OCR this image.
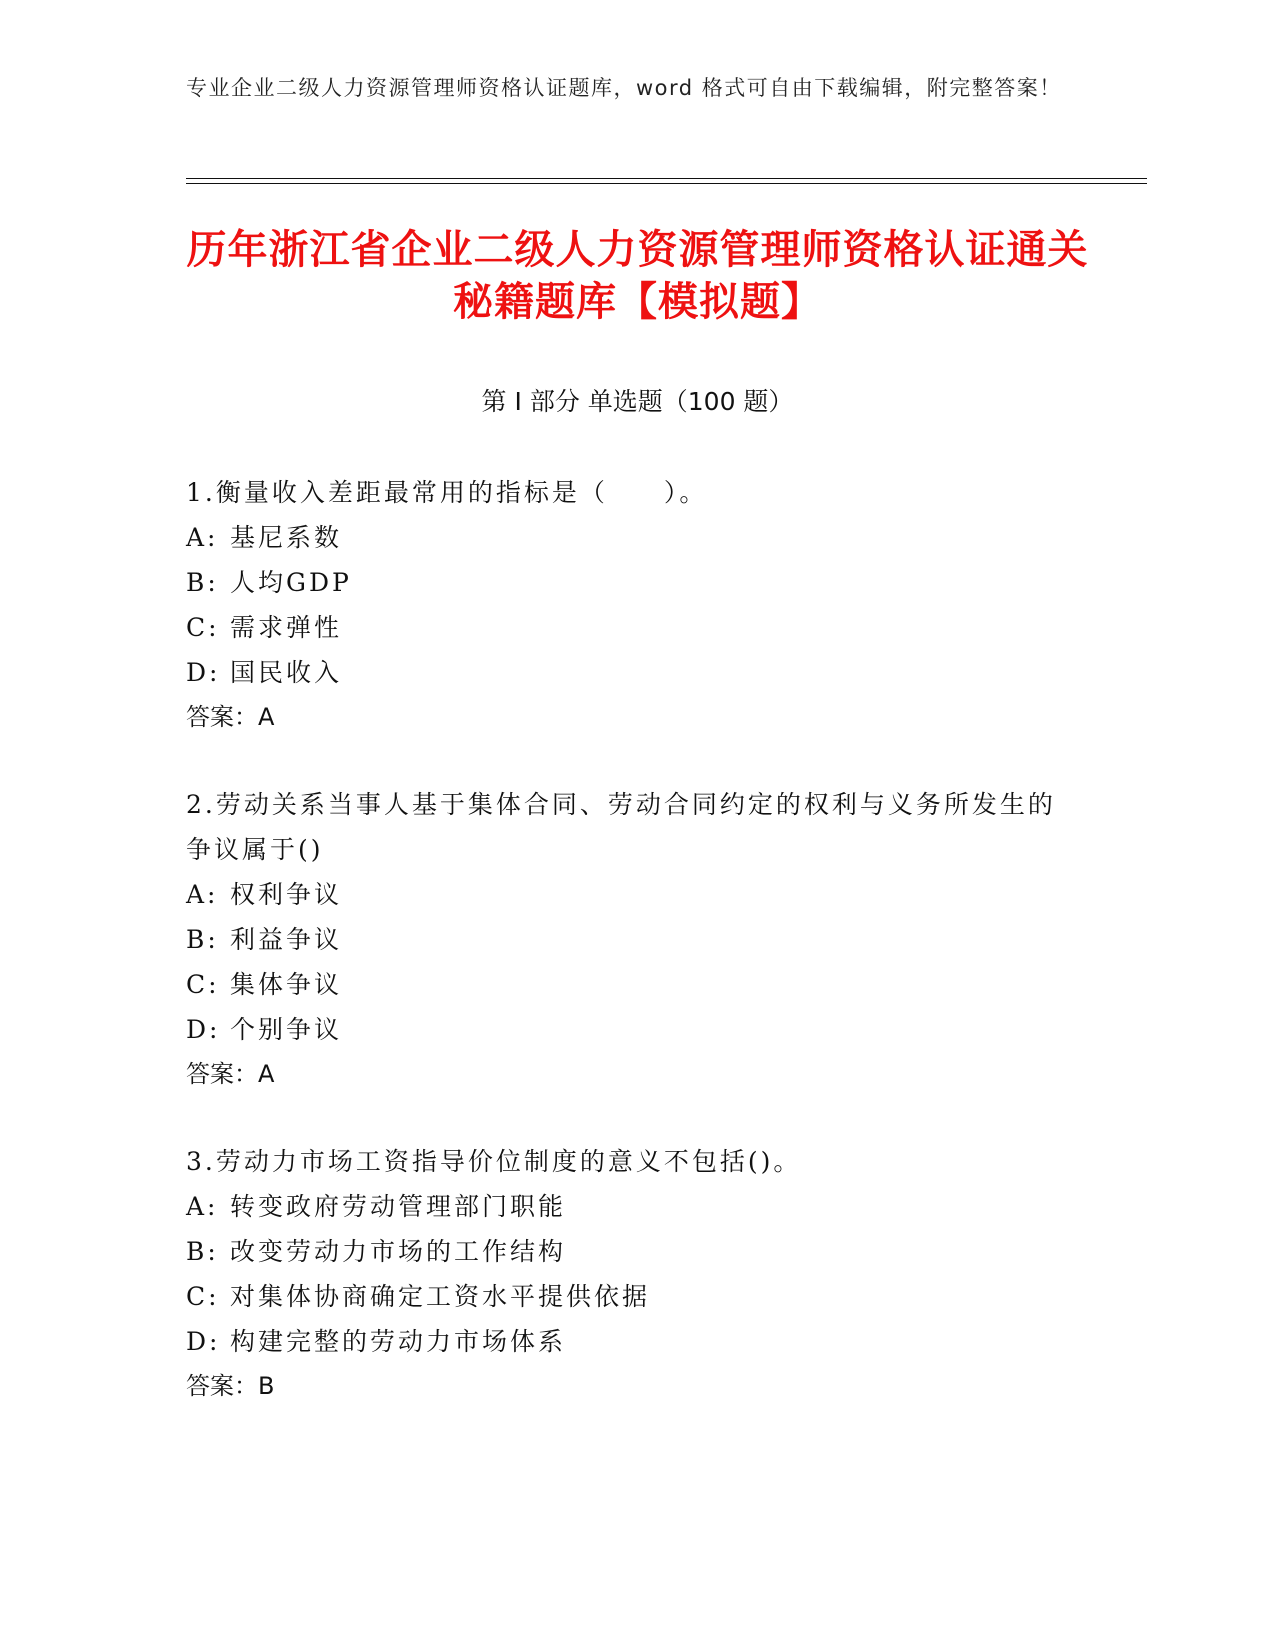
专业企业二级人力资源管理师资格认证题库，word 格式可自由下载编辑，附完整答案！
历年浙江省企业二级人力资源管理师资格认证通关秘籍题库【模拟题】
第 I 部分 单选题（100 题）
1.衡量收入差距最常用的指标是（　　）。
A: 基尼系数
B: 人均GDP
C: 需求弹性
D: 国民收入
答案：A
2.劳动关系当事人基于集体合同、劳动合同约定的权利与义务所发生的争议属于()
A: 权利争议
B: 利益争议
C: 集体争议
D: 个别争议
答案：A
3.劳动力市场工资指导价位制度的意义不包括()。
A: 转变政府劳动管理部门职能
B: 改变劳动力市场的工作结构
C: 对集体协商确定工资水平提供依据
D: 构建完整的劳动力市场体系
答案：B
